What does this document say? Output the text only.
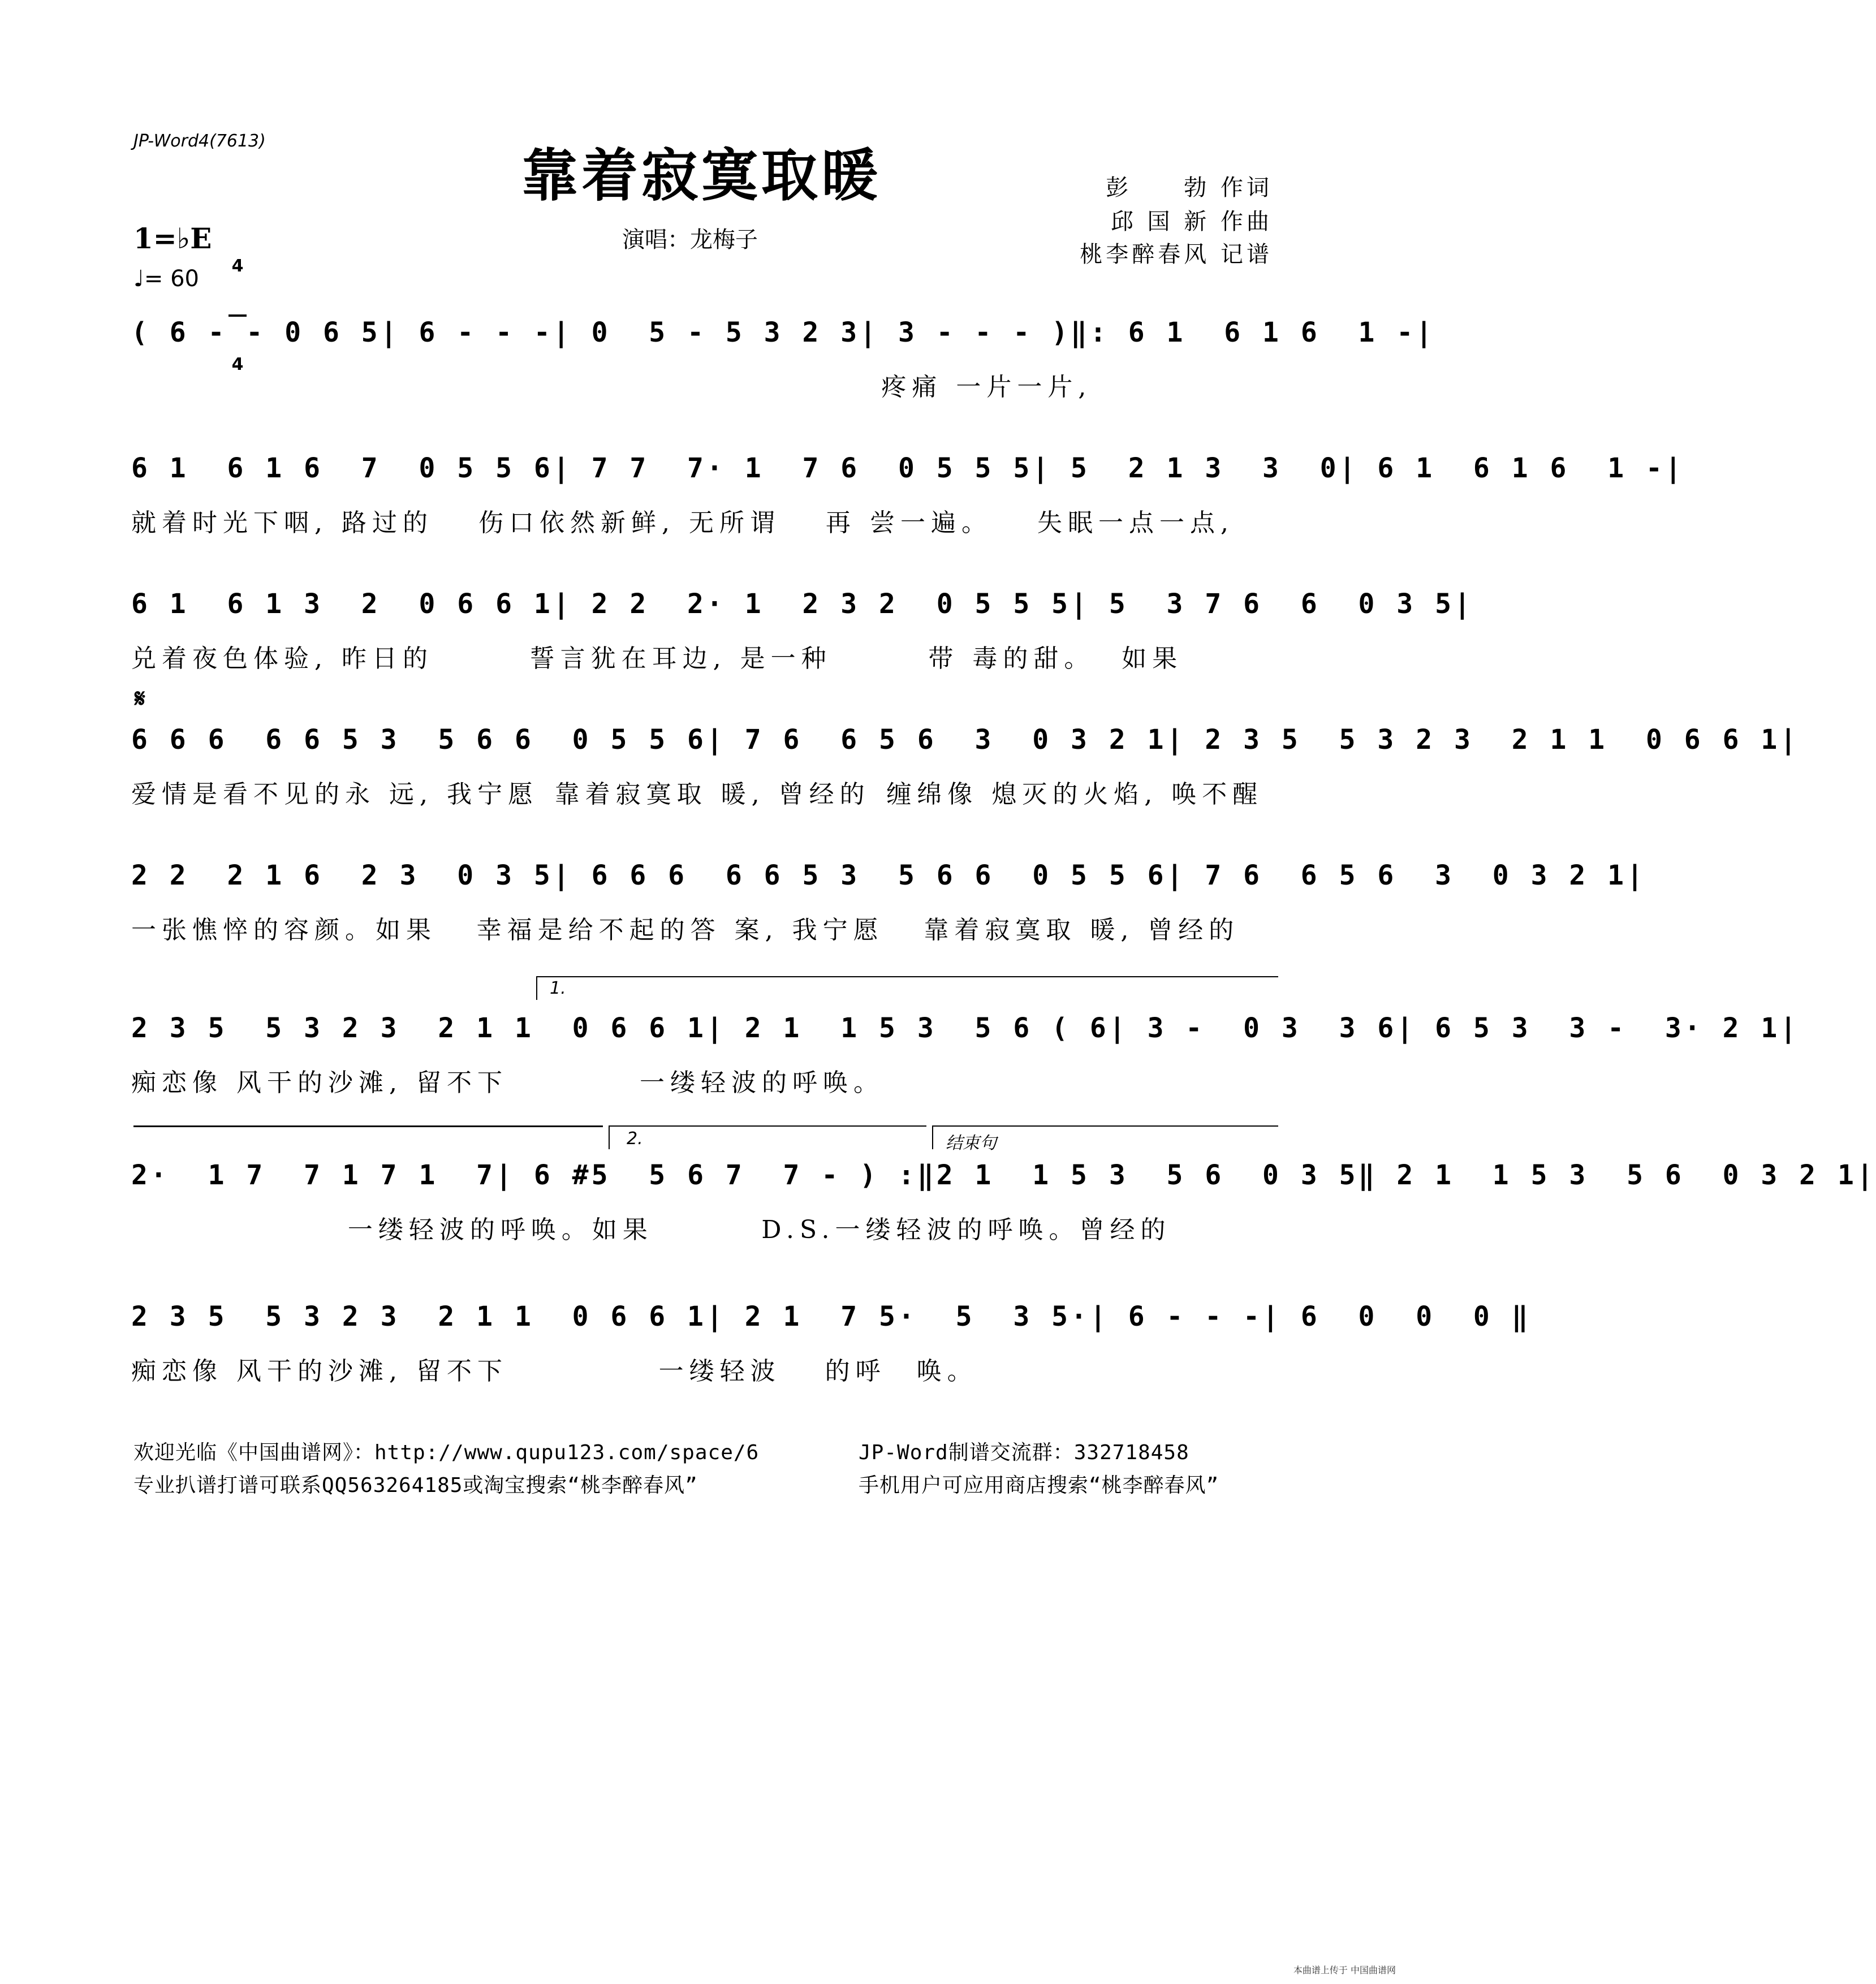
JP-Word4(7613)
靠着寂寞取暖	彭　　勃 作词
邱 国 新 作曲
桃李醉春风 记谱
演唱：龙梅子
1=♭E

4

4

♩= 60
( 6 - - 0 6 5 | 6 - - - | 0  5 - 5 3 2 3 | 3 - - - ) ‖: 6 1  6 1 6  1 - |
疼痛 一片一片,
6 1  6 1 6  7  0 5 5 6 | 7 7  7· 1  7 6  0 5 5 5 | 5  2 1 3  3  0 | 6 1  6 1 6  1 - |
就着时光下咽, 路过的 伤口依然新鲜, 无所谓 再 尝一遍。 失眠一点一点,
6 1  6 1 3  2  0 6 6 1 | 2 2  2· 1  2 3 2  0 5 5 5 | 5  3 7 6  6  0 3 5 |
兑着夜色体验, 昨日的	誓言犹在耳边, 是一种	带 毒的甜。  如果
6 6 6  6 6 5 3  5 6 6  0 5 5 6 | 7 6  6 5 6  3  0 3 2 1 | 2 3 5  5 3 2 3  2 1 1  0 6 6 1 |
爱情是看不见的永 远, 我宁愿 靠着寂寞取 暖, 曾经的 缠绵像 熄灭的火焰, 唤不醒
2 2  2 1 6  2 3  0 3 5 | 6 6 6  6 6 5 3  5 6 6  0 5 5 6 | 7 6  6 5 6  3  0 3 2 1 |
一张憔悴的容颜。如果 幸福是给不起的答 案, 我宁愿 靠着寂寞取 暖, 曾经的
2 3 5  5 3 2 3  2 1 1  0 6 6 1 | 2 1  1 5 3  5 6 ( 6 | 3 -  0 3  3 6 | 6 5 3  3 -  3· 2 1 |
痴恋像 风干的沙滩, 留不下	一缕轻波的呼唤。
2·  1 7  7 1 7 1  7 | 6 #5  5 6 7  7 - ) :‖ 2 1  1 5 3  5 6  0 3 5 ‖ 2 1  1 5 3  5 6  0 3 2 1 |
一缕轻波的呼唤。如果	D.S.一缕轻波的呼唤。曾经的
2 3 5  5 3 2 3  2 1 1  0 6 6 1 | 2 1  7 5·  5  3 5· | 6 - - - | 6  0  0  0 ‖
痴恋像 风干的沙滩, 留不下	一缕轻波　 的呼　唤。
𝄋
1.
2.	结束句
欢迎光临《中国曲谱网》：http://www.qupu123.com/space/6
专业扒谱打谱可联系QQ563264185或淘宝搜索“桃李醉春风”
JP-Word制谱交流群：332718458
手机用户可应用商店搜索“桃李醉春风”
本曲谱上传于 中国曲谱网
